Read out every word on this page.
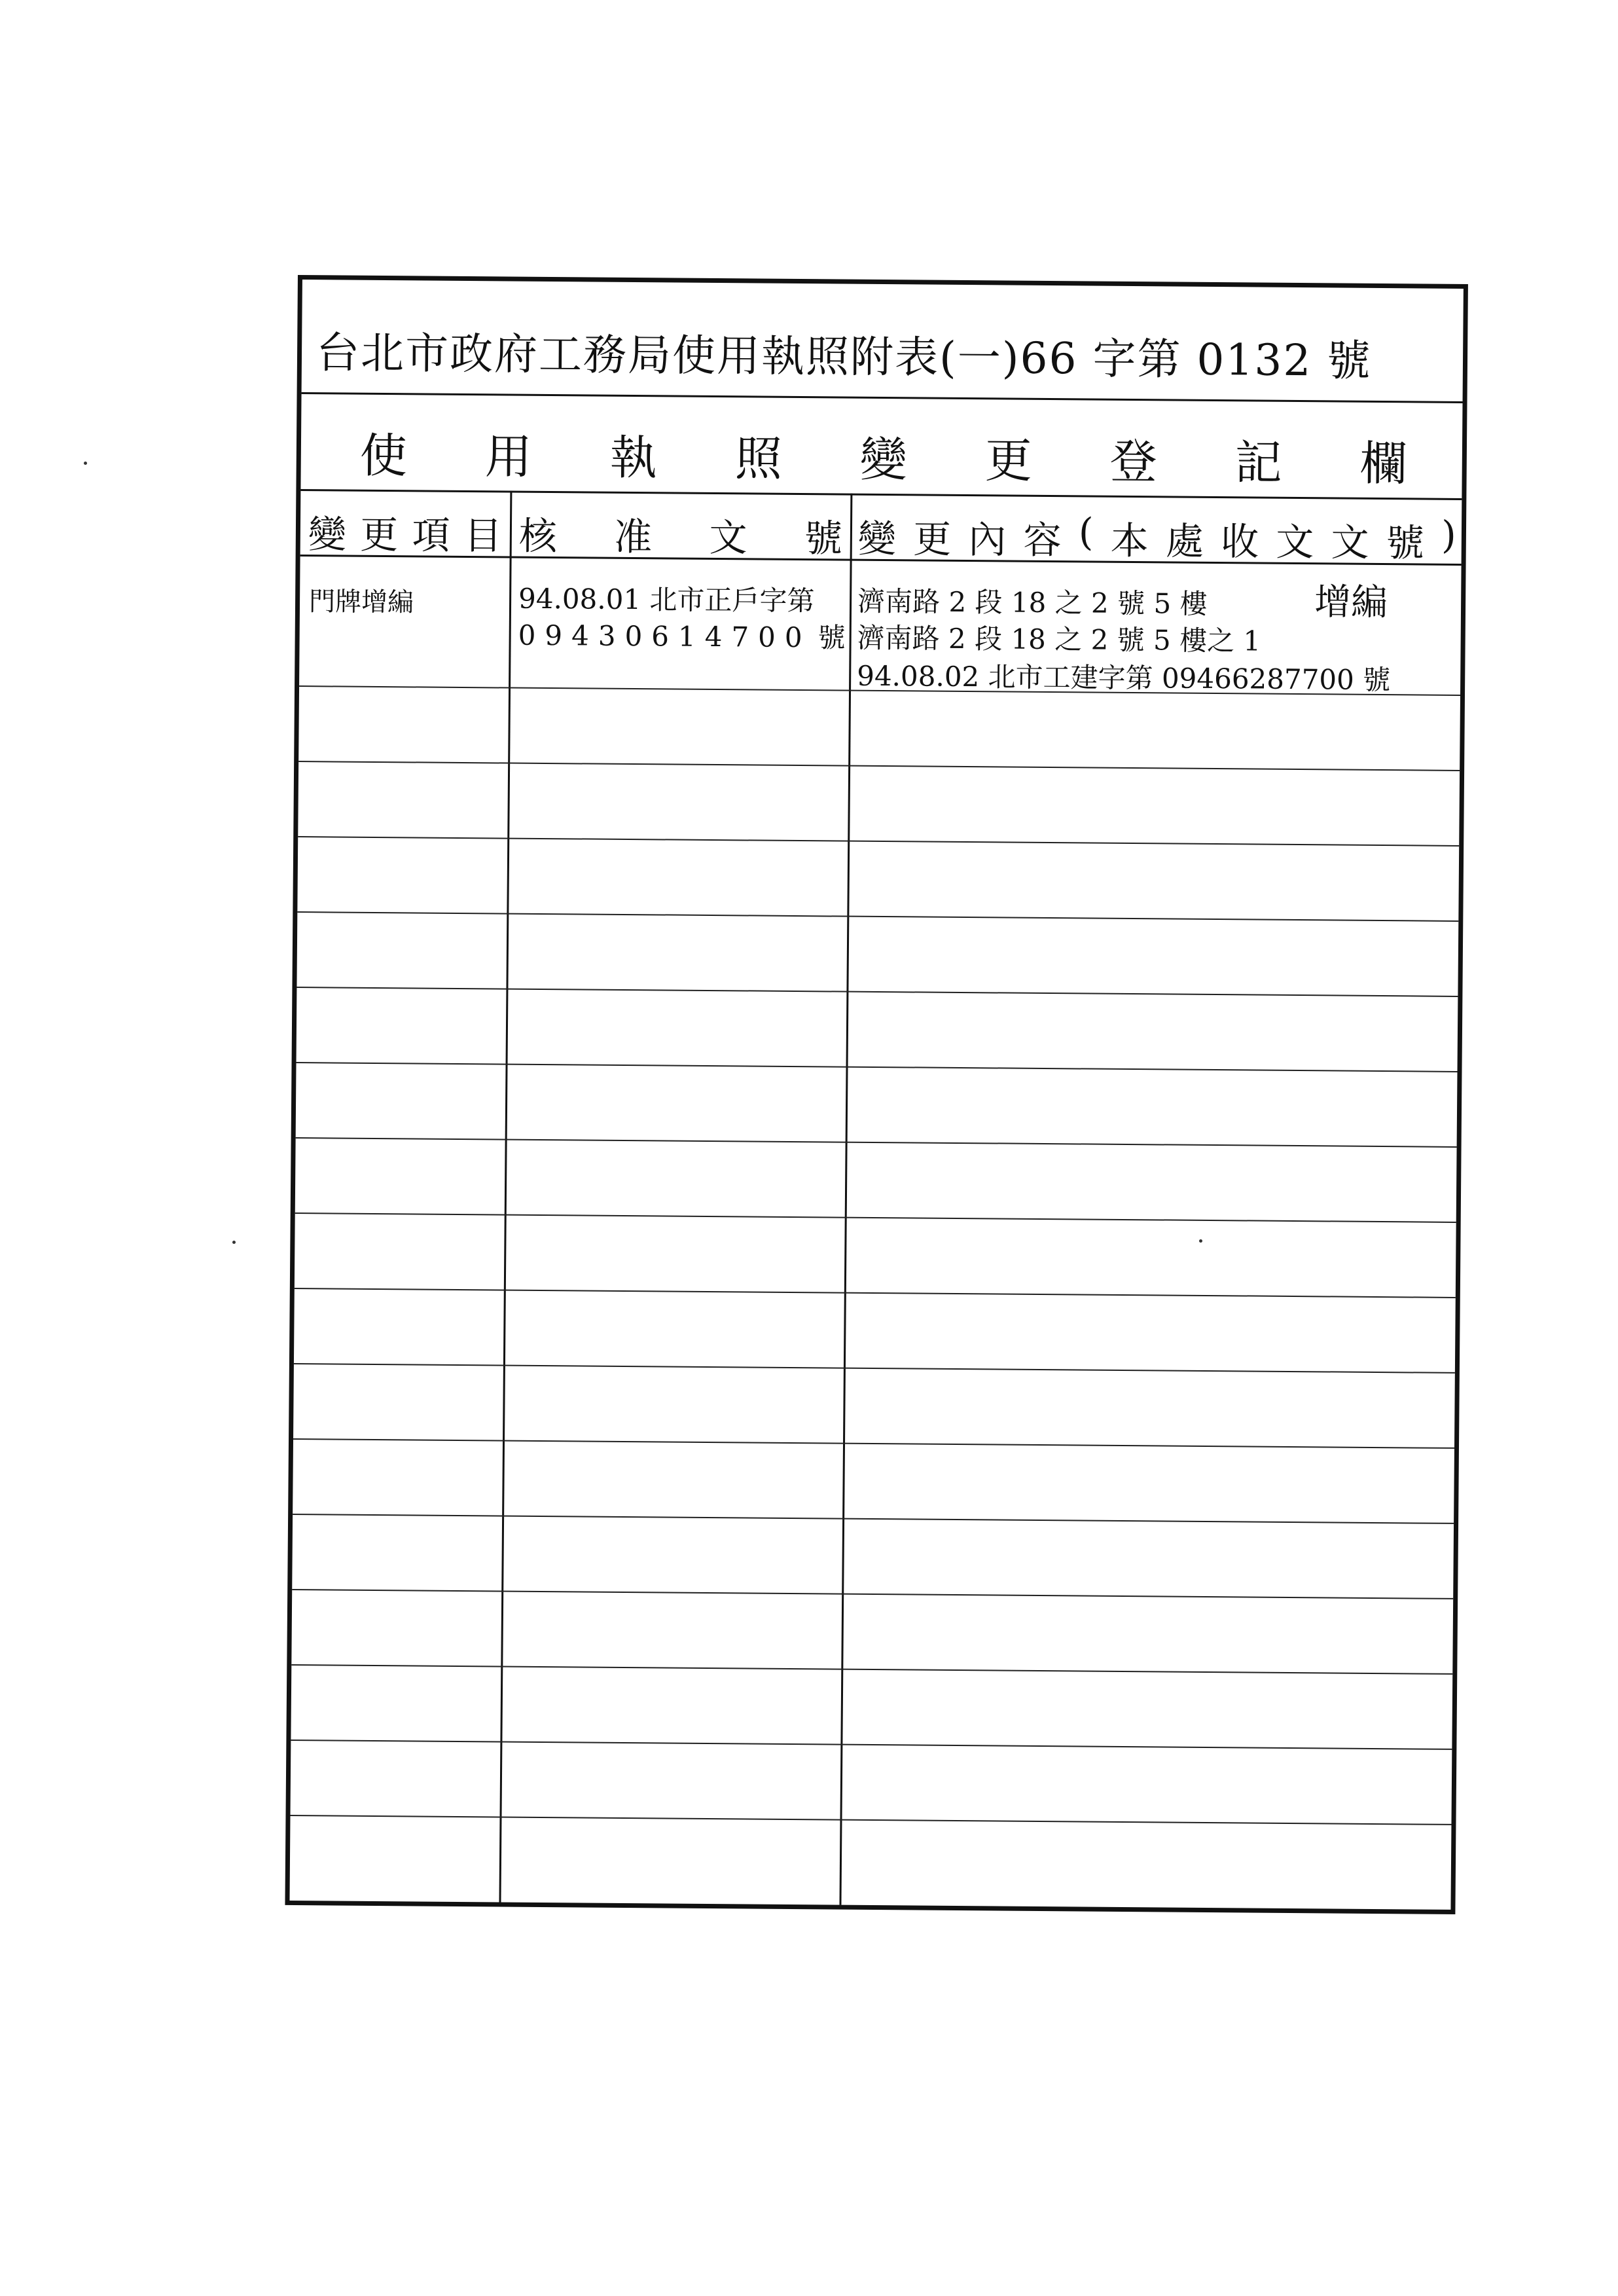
台北市政府工務局使用執照附表(一)66 字第 0132 號
使 用 執 照 變 更 登 記 欄
變 更 項 目 核 准 文 號 變 更 內 容 ( 本 處 收 文 文 號 )
門牌增編	94.08.01 北市正戶字第
09430614700 號
濟南路 2 段 18 之 2 號 5 樓	增編
濟南路 2 段 18 之 2 號 5 樓之 1
94.08.02 北市工建字第 09466287700 號
